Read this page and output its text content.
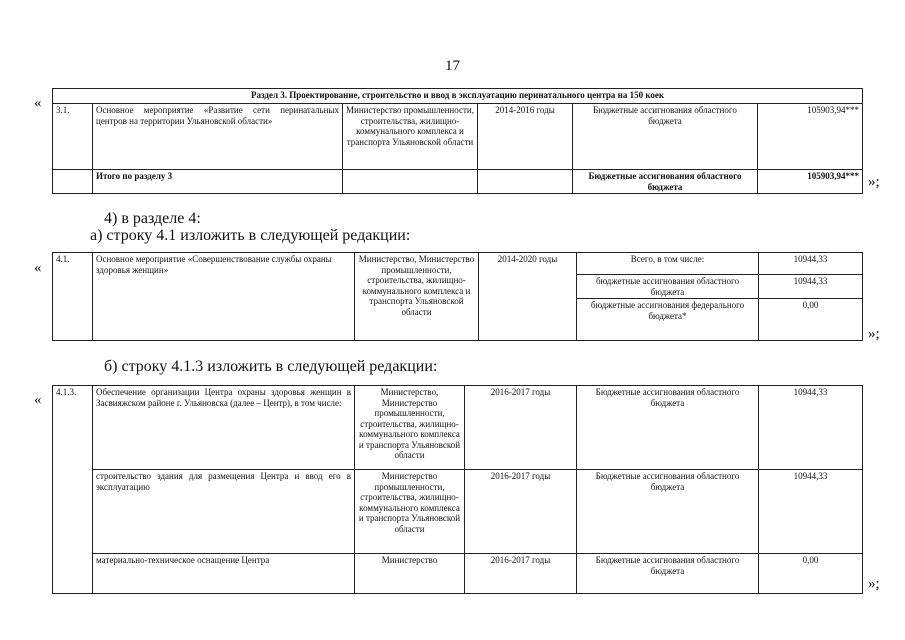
17
«	Раздел 3. Проектирование, строительство и ввод в эксплуатацию перинатального центра на 150 коек					
3.1.	Основное мероприятие «Развитие сети перинатальных центров на территории Ульяновской области»	Министерство промышленности, строительства, жилищно-коммунального комплекса и транспорта Ульяновской области	2014-2016 годы	Бюджетные ассигнования областного бюджета	105903,94***
	Итого по разделу 3			Бюджетные ассигнования областного бюджета	105903,94*** »;
4) в разделе 4:
а) строку 4.1 изложить в следующей редакции:
«
4.1.	Основное мероприятие «Совершенствование службы охраны здоровья женщин»	Министерство, Министерство промышленности, строительства, жилищно-коммунального комплекса и транспорта Ульяновской области	2014-2020 годы	Всего, в том числе:	10944,33
				бюджетные ассигнования областного бюджета	10944,33
				бюджетные ассигнования федерального бюджета*	0,00
»;
б) строку 4.1.3 изложить в следующей редакции:
« 4.1.3.	Обеспечение организации Центра охраны здоровья женщин в Засвияжском районе г. Ульяновска (далее – Центр), в том числе:	Министерство, Министерство промышленности, строительства, жилищно-коммунального комплекса и транспорта Ульяновской области	2016-2017 годы	Бюджетные ассигнования областного бюджета	10944,33
	строительство здания для размещения Центра и ввод его в эксплуатацию	Министерство промышленности, строительства, жилищно-коммунального комплекса и транспорта Ульяновской области	2016-2017 годы	Бюджетные ассигнования областного бюджета	10944,33
	материально-техническое оснащение Центра	Министерство	2016-2017 годы	Бюджетные ассигнования областного бюджета	0,00
»;
